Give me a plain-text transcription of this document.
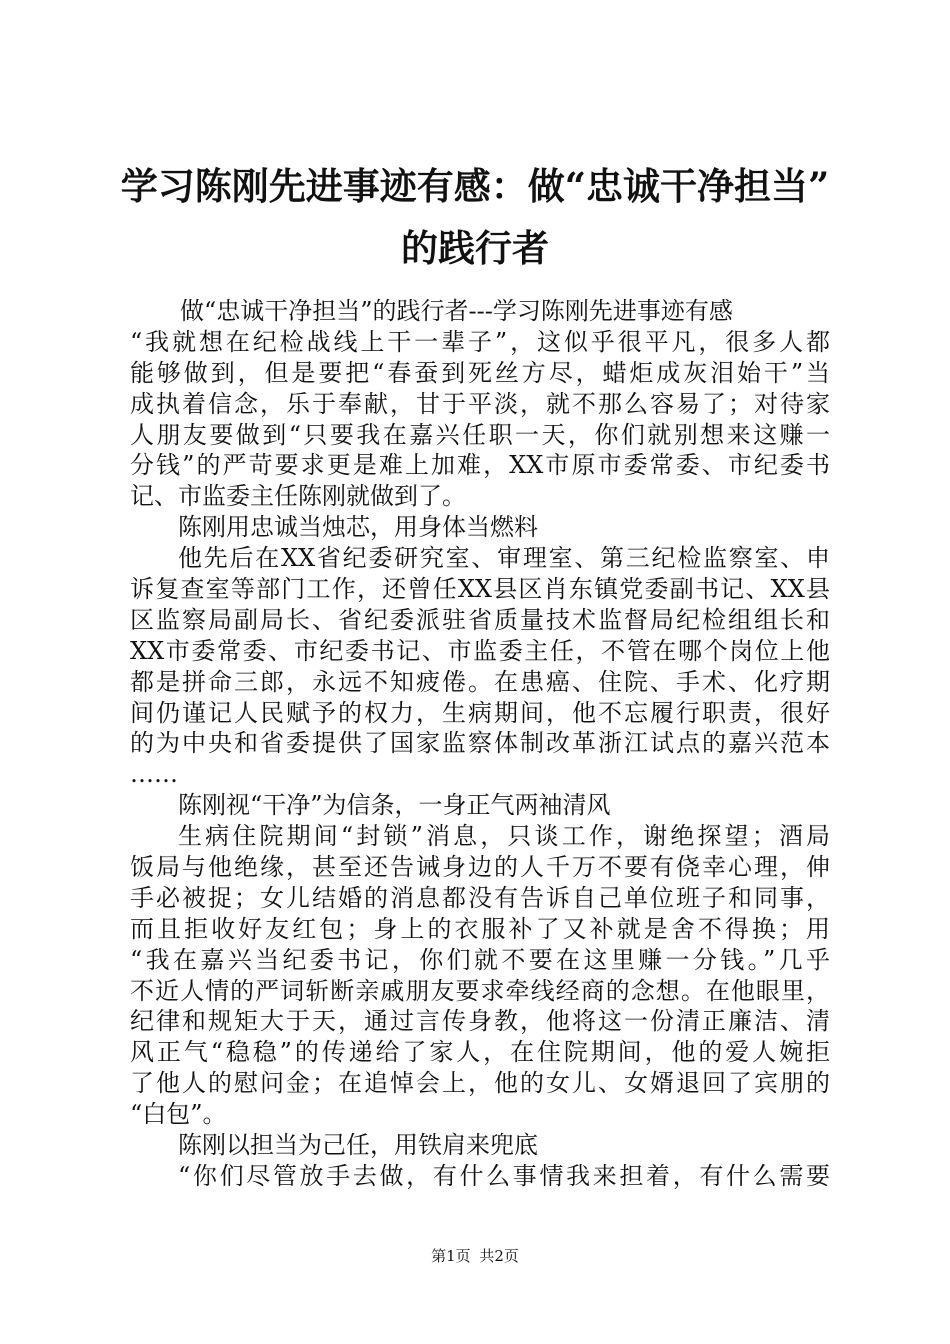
学习陈刚先进事迹有感：做“忠诚干净担当”
的践行者
做“忠诚干净担当”的践行者---学习陈刚先进事迹有感
“我就想在纪检战线上干一辈子”，这似乎很平凡，很多人都
能够做到，但是要把“春蚕到死丝方尽，蜡炬成灰泪始干”当
成执着信念，乐于奉献，甘于平淡，就不那么容易了；对待家
人朋友要做到“只要我在嘉兴任职一天，你们就别想来这赚一
分钱”的严苛要求更是难上加难，XX市原市委常委、市纪委书
记、市监委主任陈刚就做到了。
陈刚用忠诚当烛芯，用身体当燃料
他先后在XX省纪委研究室、审理室、第三纪检监察室、申
诉复查室等部门工作，还曾任XX县区肖东镇党委副书记、XX县
区监察局副局长、省纪委派驻省质量技术监督局纪检组组长和
XX市委常委、市纪委书记、市监委主任，不管在哪个岗位上他
都是拼命三郎，永远不知疲倦。在患癌、住院、手术、化疗期
间仍谨记人民赋予的权力，生病期间，他不忘履行职责，很好
的为中央和省委提供了国家监察体制改革浙江试点的嘉兴范本
……
陈刚视“干净”为信条，一身正气两袖清风
生病住院期间“封锁”消息，只谈工作，谢绝探望；酒局
饭局与他绝缘，甚至还告诫身边的人千万不要有侥幸心理，伸
手必被捉；女儿结婚的消息都没有告诉自己单位班子和同事，
而且拒收好友红包；身上的衣服补了又补就是舍不得换；用
“我在嘉兴当纪委书记，你们就不要在这里赚一分钱。”几乎
不近人情的严词斩断亲戚朋友要求牵线经商的念想。在他眼里，
纪律和规矩大于天，通过言传身教，他将这一份清正廉洁、清
风正气“稳稳”的传递给了家人，在住院期间，他的爱人婉拒
了他人的慰问金；在追悼会上，他的女儿、女婿退回了宾朋的
“白包”。
陈刚以担当为己任，用铁肩来兜底
“你们尽管放手去做，有什么事情我来担着，有什么需要
第1页 共2页
